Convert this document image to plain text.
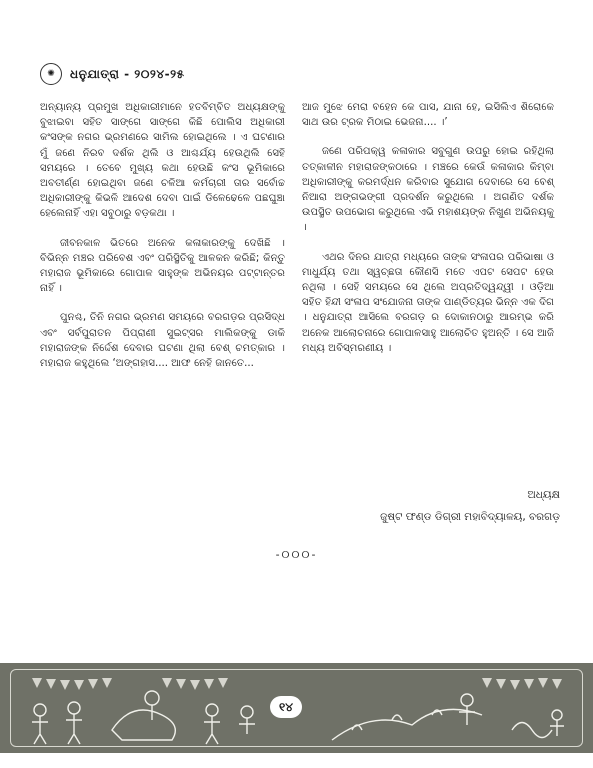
✺	ଧନୁଯାତ୍ରା - ୨୦୨୪-୨୫

ଅନ୍ୟାନ୍ୟ ପ୍ରମୁଖ ଅଧିକାରୀମାନେ ହତବିମ୍ବିତ ଅଧ୍ୟକ୍ଷଙ୍କୁ ବୁଝାଇବା ସହିତ ସାଙ୍ଗେ ସାଙ୍ଗେ କିଛି ପୋଲିସ ଅଧିକାରୀ କଂସଙ୍କ ନଗର ଭ୍ରମଣରେ ସାମିଲ ହୋଇଥିଲେ । ଏ ଘଟଣାର ମୁଁ ଜଣେ ନିରବ ଦର୍ଶକ ଥିଲି ଓ ଆଶ୍ଚର୍ଯ୍ୟ ହେଉଥିଲି ସେହି ସମୟରେ । ତେବେ ମୁଖ୍ୟ କଥା ହେଉଛି କଂସ ଭୂମିକାରେ ଅବତୀର୍ଣ୍ଣ ହୋଇଥିବା ଜଣେ ଚଳିଆ କର୍ମଚାରୀ ତାର ସର୍ବୋଚ୍ଚ ଅଧିକାରୀଙ୍କୁ କିଭଳି ଆଦେଶ ଦେବା ପାଇଁ ଡିଳେଢେଳେ ପଛଘୁଞ୍ଚା ହେଲେନାହିଁ ଏହା ସବୁଠାରୁ ବଡ଼କଥା ।

ଜୀବନକାଳ ଭିତରେ ଅନେକ କଳାକାରଙ୍କୁ ଦେଖିଛି । ବିଭିନ୍ନ ମଞ୍ଚର ପରିବେଶ ଏବଂ ପରିସ୍ଥିତିକୁ ଆଳକନ କରିଛି; କିନ୍ତୁ ମହାରାଜ ଭୂମିକାରେ ଗୋପାଳ ସାହୁଙ୍କ ଅଭିନୟର ପଟ୍ଟାନ୍ତର ନାହିଁ ।

ପୁନଶ୍ଚ, ତିନି ନଗର ଭ୍ରମଣ ସମୟରେ ବରଗଡ଼ର ପ୍ରସିଦ୍ଧ ଏବଂ ସର୍ବପୁରାତନ ପିପ୍ରାଣୀ ସୁଇଟ୍‌ସର ମାଲିକଙ୍କୁ ଡାକି ମହାରାଜଙ୍କ ନିର୍ଦ୍ଦେଶ ଦେବାର ଘଟଣା ଥିଲା ବେଶ୍ ଚମତ୍କାର । ମହାରାଜ କହୁଥିଲେ ‘ଅଙ୍ଗହାସ.... ଆଫ ନେହି ଜାନତେ...

ଆଜ ମୁଝେ ମେରା ବହେନ କେ ପାସ, ଯାନା ହେ, ଇସିଲିଏ ଶିରୋକେ ସାଥ ଉର ଟ୍ରକ ମିଠାଇ ଭେଜନା.... ।’

ଜଣେ ପରିପକ୍ୱ କଳାକାର ସବୁଗୁଣ ଉପରୁ ହୋଇ ରହିଥିଲା ତତ୍‌କାଳୀନ ମହାରାଜଙ୍କଠାରେ । ମଞ୍ଚରେ କେଉଁ କଳାକାର କିମ୍ବା ଅଧିକାରୀଙ୍କୁ କରମର୍ଦ୍ଧନ କରିବାର ସୁଯୋଗ ଦେବାରେ ସେ ବେଶ୍ ନିଆରା ଅଙ୍ଗଭଙ୍ଗୀ ପ୍ରଦର୍ଶନ କରୁଥିଲେ । ଅଗଣିତ ଦର୍ଶକ ଉପସ୍ଥିତ ଉପଭୋଗ କରୁଥିଲେ ଏଭି ମହାଶୟଙ୍କ ନିଖୁଣ ଅଭିନୟକୁ ।

ଏଥର ଦିନର ଯାତ୍ରା ମଧ୍ୟରେ ତାଙ୍କ ସଂଳାପର ପରିଭାଷା ଓ ମାଧୁର୍ଯ୍ୟ ତଥା ସ୍ୱଚ୍ଛତା କୌଣସି ମତେ ଏପଟ ସେପଟ ହେଉ ନଥିଲା । ସେହି ସମୟରେ ସେ ଥିଲେ ଅପ୍ରତିଦ୍ୱନ୍ଦ୍ୱୀ । ଓଡ଼ିଆ ସହିତ ହିନ୍ଦୀ ସଂଳାପ ସଂଯୋଜନା ତାଙ୍କ ପାଣ୍ଡିତ୍ୟର ଭିନ୍ନ ଏକ ଦିଗ । ଧନୁଯାତ୍ରା ଆସିଲେ ବରଗଡ଼ ର ଦୋକାନଠାରୁ ଆରମ୍ଭ କରି ଅନେକ ଆଲୋଚନାରେ ଗୋପାଳସାହୁ ଆଲୋଚିତ ହୁଅନ୍ତି । ସେ ଆଜି ମଧ୍ୟ ଅବିସ୍ମରଣୀୟ ।

ଅଧ୍ୟକ୍ଷ
ଜୁଷ୍ଟ ଫଣ୍ଡ ଡିଗ୍ରୀ ମହାବିଦ୍ୟାଳୟ, ବରଗଡ଼
-୦୦୦-
୧୪
